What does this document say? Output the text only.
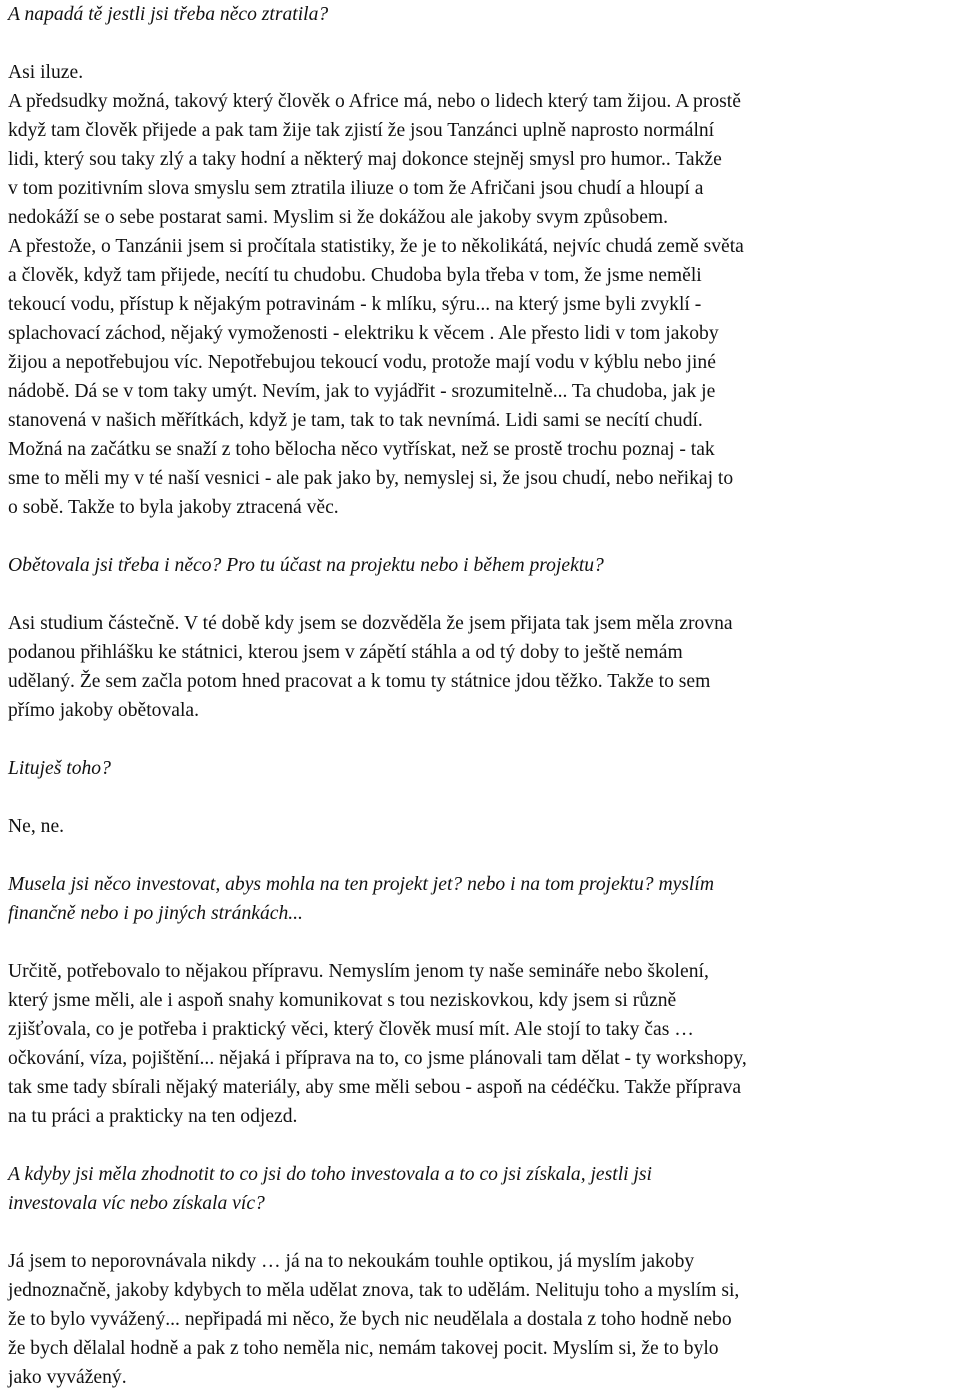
A napadá tě jestli jsi třeba něco ztratila?

Asi iluze.
A předsudky možná, takový který člověk o Africe má, nebo o lidech který tam žijou. A prostě
když tam člověk přijede a pak tam žije tak zjistí že jsou Tanzánci uplně naprosto normální
lidi, který sou taky zlý a taky hodní a některý maj dokonce stejněj smysl pro humor.. Takže
v tom pozitivním slova smyslu sem ztratila iliuze o tom že Afričani jsou chudí a hloupí a
nedokáží se o sebe postarat sami. Myslim si že dokážou ale jakoby svym způsobem.
A přestože, o Tanzánii jsem si pročítala statistiky, že je to několikátá, nejvíc chudá země světa
a člověk, když tam přijede, necítí tu chudobu. Chudoba byla třeba v tom, že jsme neměli
tekoucí vodu, přístup k nějakým potravinám - k mlíku, sýru... na který jsme byli zvyklí -
splachovací záchod, nějaký vymoženosti - elektriku k věcem . Ale přesto lidi v tom jakoby
žijou a nepotřebujou víc. Nepotřebujou tekoucí vodu, protože mají vodu v kýblu nebo jiné
nádobě. Dá se v tom taky umýt. Nevím, jak to vyjádřit - srozumitelně... Ta chudoba, jak je
stanovená v našich měřítkách, když je tam, tak to tak nevnímá. Lidi sami se necítí chudí.
Možná na začátku se snaží z toho bělocha něco vytřískat, než se prostě trochu poznaj - tak
sme to měli my v té naší vesnici - ale pak jako by, nemyslej si, že jsou chudí, nebo neřikaj to
o sobě. Takže to byla jakoby ztracená věc.

Obětovala jsi třeba i něco? Pro tu účast na projektu nebo i během projektu?

Asi studium částečně. V té době kdy jsem se dozvěděla že jsem přijata tak jsem měla zrovna
podanou přihlášku ke státnici, kterou jsem v zápětí stáhla a od tý doby to ještě nemám
udělaný. Že sem začla potom hned pracovat a k tomu ty státnice jdou těžko. Takže to sem
přímo jakoby obětovala.

Lituješ toho?

Ne, ne.

Musela jsi něco investovat, abys mohla na ten projekt jet? nebo i na tom projektu? myslím
finančně nebo i po jiných stránkách...

Určitě, potřebovalo to nějakou přípravu. Nemyslím jenom ty naše semináře nebo školení,
který jsme měli, ale i aspoň snahy komunikovat s tou neziskovkou, kdy jsem si různě
zjišťovala, co je potřeba i praktický věci, který člověk musí mít. Ale stojí to taky čas …
očkování, víza, pojištění... nějaká i příprava na to, co jsme plánovali tam dělat - ty workshopy,
tak sme tady sbírali nějaký materiály, aby sme měli sebou - aspoň na cédéčku. Takže příprava
na tu práci a prakticky na ten odjezd.

A kdyby jsi měla zhodnotit to co jsi do toho investovala a to co jsi získala, jestli jsi
investovala víc nebo získala víc?

Já jsem to neporovnávala nikdy … já na to nekoukám touhle optikou, já myslím jakoby
jednoznačně, jakoby kdybych to měla udělat znova, tak to udělám. Nelituju toho a myslím si,
že to bylo vyvážený... nepřipadá mi něco, že bych nic neudělala a dostala z toho hodně nebo
že bych dělalal hodně a pak z toho neměla nic, nemám takovej pocit. Myslím si, že to bylo
jako vyvážený.
